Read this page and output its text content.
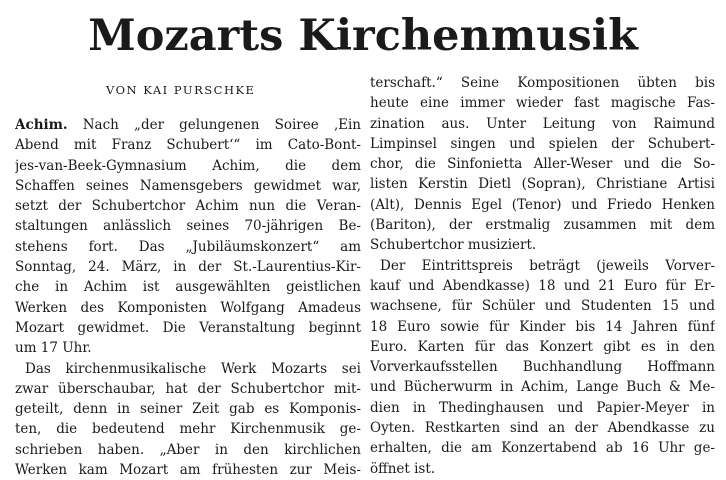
Mozarts Kirchenmusik
VON KAI PURSCHKE
Achim. Nach „der gelungenen Soiree ‚Ein
Abend mit Franz Schubert‘“ im Cato-Bont-
jes-van-Beek-Gymnasium Achim, die dem
Schaffen seines Namensgebers gewidmet war,
setzt der Schubertchor Achim nun die Veran-
staltungen anlässlich seines 70-jährigen Be-
stehens fort. Das „Jubiläumskonzert“ am
Sonntag, 24. März, in der St.-Laurentius-Kir-
che in Achim ist ausgewählten geistlichen
Werken des Komponisten Wolfgang Amadeus
Mozart gewidmet. Die Veranstaltung beginnt
um 17 Uhr.
Das kirchenmusikalische Werk Mozarts sei
zwar überschaubar, hat der Schubertchor mit-
geteilt, denn in seiner Zeit gab es Komponis-
ten, die bedeutend mehr Kirchenmusik ge-
schrieben haben. „Aber in den kirchlichen
Werken kam Mozart am frühesten zur Meis-
terschaft.“ Seine Kompositionen übten bis
heute eine immer wieder fast magische Fas-
zination aus. Unter Leitung von Raimund
Limpinsel singen und spielen der Schubert-
chor, die Sinfonietta Aller-Weser und die So-
listen Kerstin Dietl (Sopran), Christiane Artisi
(Alt), Dennis Egel (Tenor) und Friedo Henken
(Bariton), der erstmalig zusammen mit dem
Schubertchor musiziert.
Der Eintrittspreis beträgt (jeweils Vorver-
kauf und Abendkasse) 18 und 21 Euro für Er-
wachsene, für Schüler und Studenten 15 und
18 Euro sowie für Kinder bis 14 Jahren fünf
Euro. Karten für das Konzert gibt es in den
Vorverkaufsstellen Buchhandlung Hoffmann
und Bücherwurm in Achim, Lange Buch & Me-
dien in Thedinghausen und Papier-Meyer in
Oyten. Restkarten sind an der Abendkasse zu
erhalten, die am Konzertabend ab 16 Uhr ge-
öffnet ist.
